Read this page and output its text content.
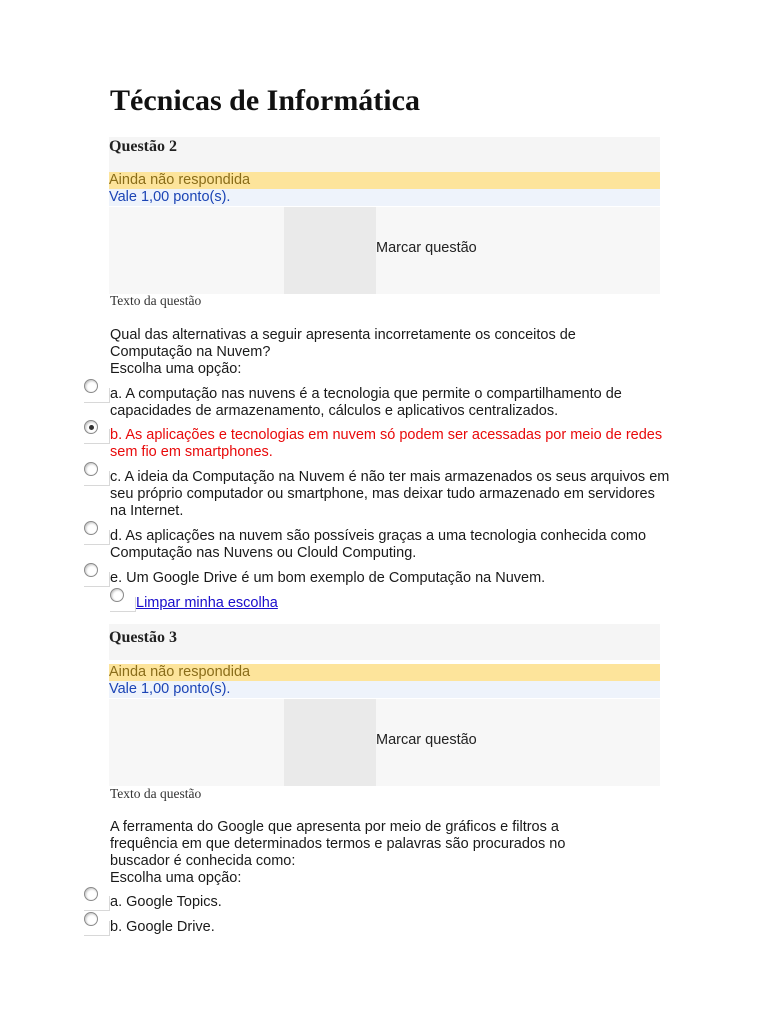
Técnicas de Informática
Questão 2
Ainda não respondida
Vale 1,00 ponto(s).
Marcar questão
Texto da questão
Qual das alternativas a seguir apresenta incorretamente os conceitos de Computação na Nuvem?
Escolha uma opção:
a. A computação nas nuvens é a tecnologia que permite o compartilhamento de capacidades de armazenamento, cálculos e aplicativos centralizados.
b. As aplicações e tecnologias em nuvem só podem ser acessadas por meio de redes sem fio em smartphones.
c. A ideia da Computação na Nuvem é não ter mais armazenados os seus arquivos em seu próprio computador ou smartphone, mas deixar tudo armazenado em servidores na Internet.
d. As aplicações na nuvem são possíveis graças a uma tecnologia conhecida como Computação nas Nuvens ou Clould Computing.
e. Um Google Drive é um bom exemplo de Computação na Nuvem.
Limpar minha escolha
Questão 3
Ainda não respondida
Vale 1,00 ponto(s).
Marcar questão
Texto da questão
A ferramenta do Google que apresenta por meio de gráficos e filtros a frequência em que determinados termos e palavras são procurados no buscador é conhecida como:
Escolha uma opção:
a. Google Topics.
b. Google Drive.
